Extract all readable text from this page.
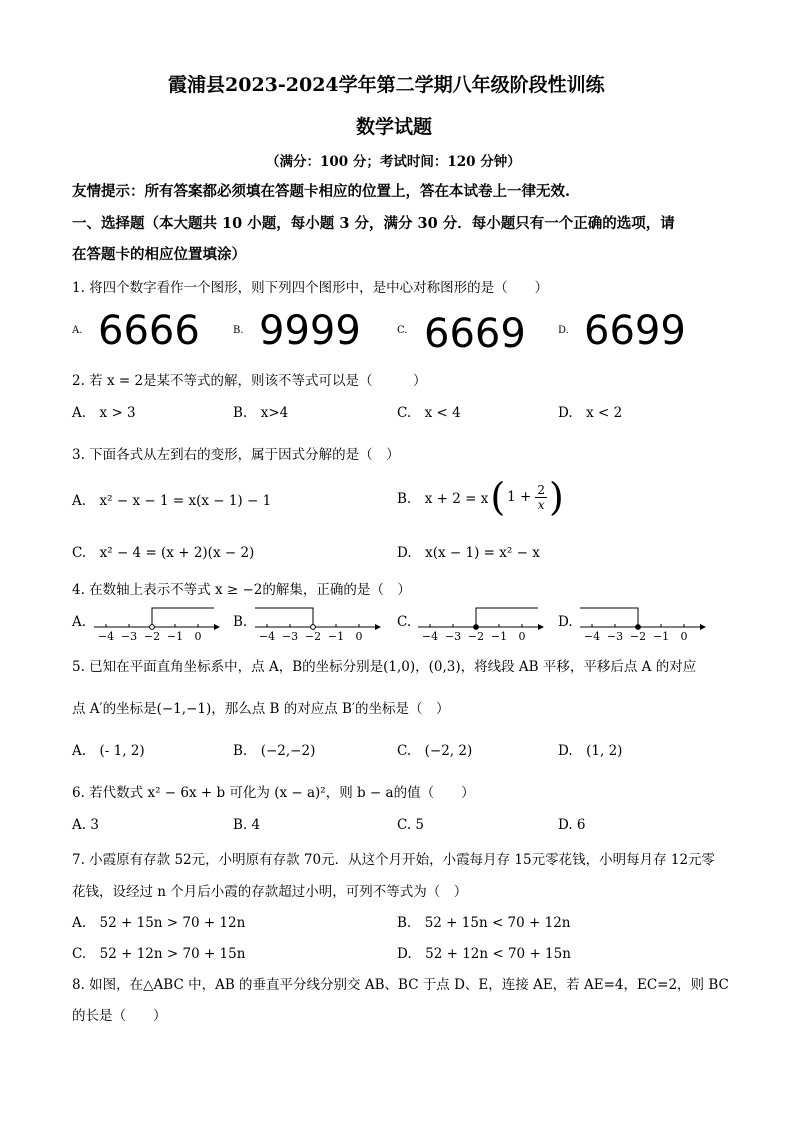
霞浦县2023-2024学年第二学期八年级阶段性训练
数学试题
（满分：100 分；考试时间：120 分钟）
友情提示：所有答案都必须填在答题卡相应的位置上，答在本试卷上一律无效.
一、选择题（本大题共 10 小题，每小题 3 分，满分 30 分．每小题只有一个正确的选项，请
在答题卡的相应位置填涂）
1. 将四个数字看作一个图形，则下列四个图形中，是中心对称图形的是（　　）
A. 6666	B. 9999	C. 6669	D. 6699
2. 若 x = 2是某不等式的解，则该不等式可以是（　　　）
A.　x > 3	B.　x>4	C.　x < 4	D.　x < 2
3. 下面各式从左到右的变形，属于因式分解的是（　）
A.　x² − x − 1 = x(x − 1) − 1	B.　x + 2 = x ( $1 + \frac{2}{x}$ )
C.　x² − 4 = (x + 2)(x − 2)	D.　x(x − 1) = x² − x
4. 在数轴上表示不等式 x ≥ −2的解集，正确的是（　）
A.
−4 −3 −2 −1 0
B.
−4 −3 −2 −1 0
C.
−4 −3 −2 −1 0
D.
−4 −3 −2 −1 0
5. 已知在平面直角坐标系中，点 A，B的坐标分别是(1,0)，(0,3)，将线段 AB 平移，平移后点 A 的对应
点 A′的坐标是(−1,−1)，那么点 B 的对应点 B′的坐标是（　）
A.　(- 1, 2)	B.　(−2,−2)	C.　(−2, 2)	D.　(1, 2)
6. 若代数式 x² − 6x + b 可化为 (x − a)²，则 b − a的值（　　）
A. 3	B. 4	C. 5	D. 6
7. 小霞原有存款 52元，小明原有存款 70元．从这个月开始，小霞每月存 15元零花钱，小明每月存 12元零
花钱，设经过 n 个月后小霞的存款超过小明，可列不等式为（　）
A.　52 + 15n > 70 + 12n	B.　52 + 15n < 70 + 12n
C.　52 + 12n > 70 + 15n	D.　52 + 12n < 70 + 15n
8. 如图，在△ABC 中，AB 的垂直平分线分别交 AB、BC 于点 D、E，连接 AE，若 AE=4，EC=2，则 BC
的长是（　　）
